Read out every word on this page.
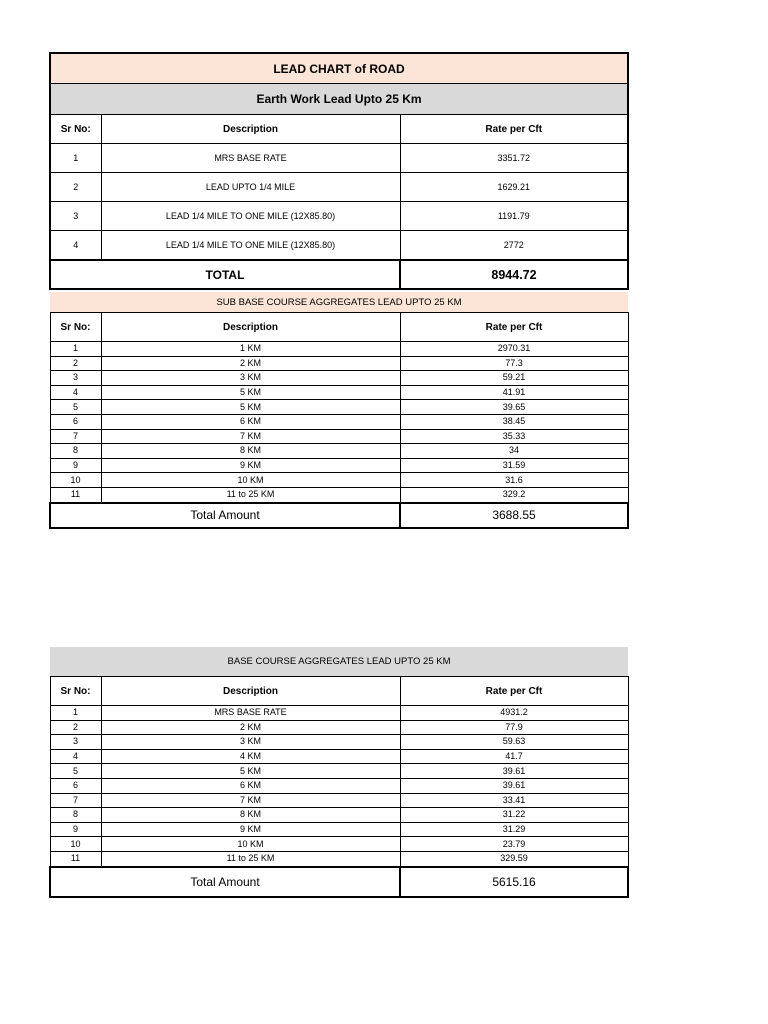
LEAD CHART of ROAD		
Earth Work Lead Upto 25 Km		
Sr No:	Description	Rate per Cft
1	MRS BASE RATE	3351.72
2	LEAD UPTO 1/4 MILE	1629.21
3	LEAD 1/4 MILE TO ONE MILE (12X85.80)	1191.79
4	LEAD 1/4 MILE TO ONE MILE (12X85.80)	2772
TOTAL		8944.72
SUB BASE COURSE AGGREGATES LEAD UPTO 25 KM		
Sr No:	Description	Rate per Cft
1	1 KM	2970.31
2	2 KM	77.3
3	3 KM	59.21
4	5 KM	41.91
5	5 KM	39.65
6	6 KM	38.45
7	7 KM	35.33
8	8 KM	34
9	9 KM	31.59
10	10 KM	31.6
11	11 to 25 KM	329.2
Total Amount		3688.55
BASE COURSE AGGREGATES LEAD UPTO 25 KM		
Sr No:	Description	Rate per Cft
1	MRS BASE RATE	4931.2
2	2 KM	77.9
3	3 KM	59.63
4	4 KM	41.7
5	5 KM	39.61
6	6 KM	39.61
7	7 KM	33.41
8	8 KM	31.22
9	9 KM	31.29
10	10 KM	23.79
11	11 to 25 KM	329.59
Total Amount		5615.16
